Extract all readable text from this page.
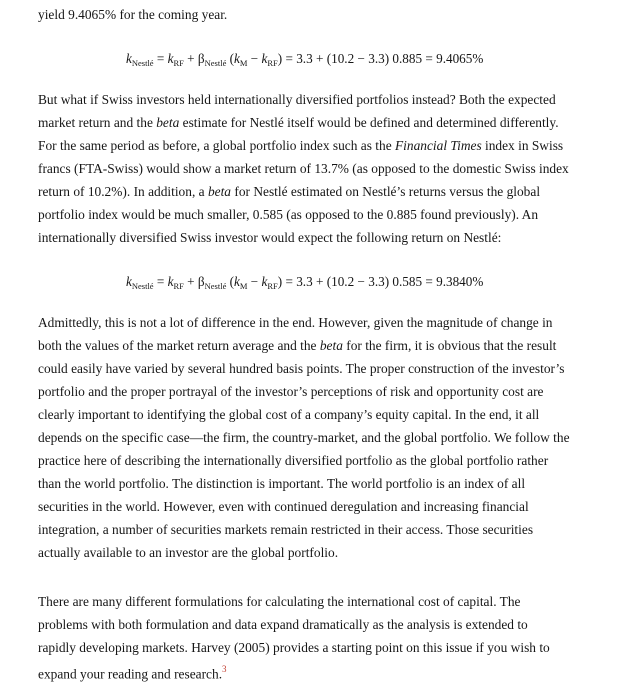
yield 9.4065% for the coming year.
$k_{Nestlé} = k_{RF} + \beta_{Nestlé}$ $(k_M - k_{RF}) = 3.3 + (10.2 - 3.3) 0.885 = 9.4065\%$
But what if Swiss investors held internationally diversified portfolios instead? Both the expected
market return and the beta estimate for Nestlé itself would be defined and determined differently.
For the same period as before, a global portfolio index such as the Financial Times index in Swiss
francs (FTA-Swiss) would show a market return of 13.7% (as opposed to the domestic Swiss index
return of 10.2%). In addition, a beta for Nestlé estimated on Nestlé’s returns versus the global
portfolio index would be much smaller, 0.585 (as opposed to the 0.885 found previously). An
internationally diversified Swiss investor would expect the following return on Nestlé:
$k_{Nestlé} = k_{RF} + \beta_{Nestlé}$ $(k_M - k_{RF}) = 3.3 + (10.2 - 3.3) 0.585 = 9.3840\%$
Admittedly, this is not a lot of difference in the end. However, given the magnitude of change in
both the values of the market return average and the beta for the firm, it is obvious that the result
could easily have varied by several hundred basis points. The proper construction of the investor’s
portfolio and the proper portrayal of the investor’s perceptions of risk and opportunity cost are
clearly important to identifying the global cost of a company’s equity capital. In the end, it all
depends on the specific case—the firm, the country-market, and the global portfolio. We follow the
practice here of describing the internationally diversified portfolio as the global portfolio rather
than the world portfolio. The distinction is important. The world portfolio is an index of all
securities in the world. However, even with continued deregulation and increasing financial
integration, a number of securities markets remain restricted in their access. Those securities
actually available to an investor are the global portfolio.
There are many different formulations for calculating the international cost of capital. The
problems with both formulation and data expand dramatically as the analysis is extended to
rapidly developing markets. Harvey (2005) provides a starting point on this issue if you wish to
expand your reading and research.$^3$
